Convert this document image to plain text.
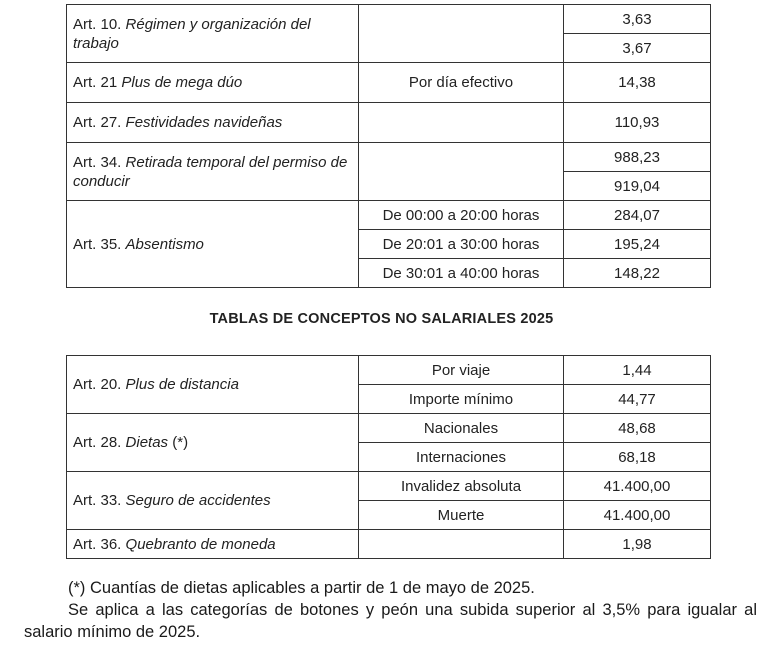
Art. 10. Régimen y organización del trabajo		3,63
		3,67
Art. 21 Plus de mega dúo	Por día efectivo	14,38
Art. 27. Festividades navideñas		110,93
Art. 34. Retirada temporal del permiso de conducir		988,23
		919,04
Art. 35. Absentismo	De 00:00 a 20:00 horas	284,07
	De 20:01 a 30:00 horas	195,24
	De 30:01 a 40:00 horas	148,22
TABLAS DE CONCEPTOS NO SALARIALES 2025
Art. 20. Plus de distancia	Por viaje	1,44
	Importe mínimo	44,77
Art. 28. Dietas (*)	Nacionales	48,68
	Internaciones	68,18
Art. 33. Seguro de accidentes	Invalidez absoluta	41.400,00
	Muerte	41.400,00
Art. 36. Quebranto de moneda		1,98
(*) Cuantías de dietas aplicables a partir de 1 de mayo de 2025.
Se aplica a las categorías de botones y peón una subida superior al 3,5% para igualar al salario mínimo de 2025.
